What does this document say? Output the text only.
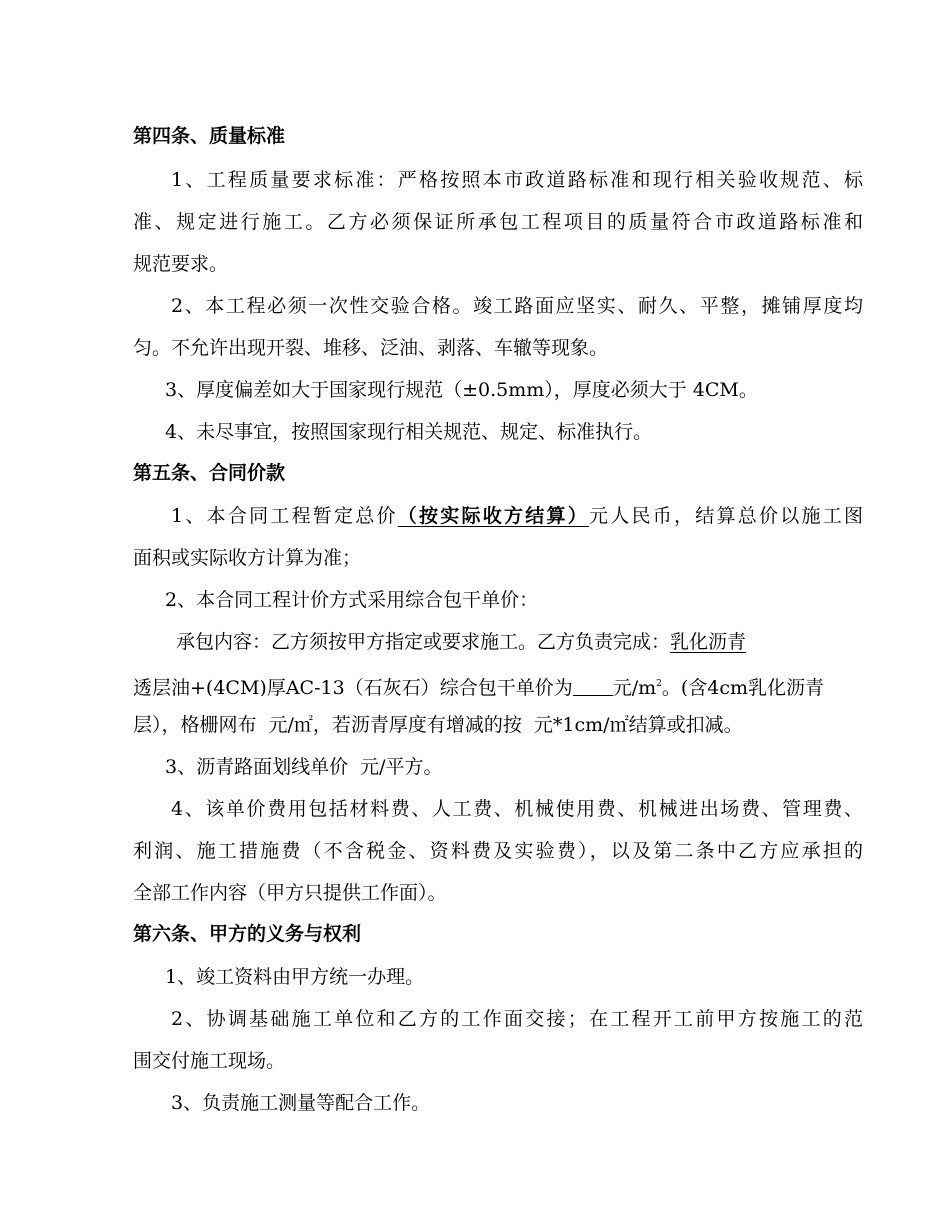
第四条、质量标准
1、工程质量要求标准：严格按照本市政道路标准和现行相关验收规范、标
准、规定进行施工。乙方必须保证所承包工程项目的质量符合市政道路标准和
规范要求。
2、本工程必须一次性交验合格。竣工路面应坚实、耐久、平整，摊铺厚度均
匀。不允许出现开裂、堆移、泛油、剥落、车辙等现象。
3、厚度偏差如大于国家现行规范（±0.5mm），厚度必须大于 4CM。
4、未尽事宜，按照国家现行相关规范、规定、标准执行。
第五条、合同价款
1、本合同工程暂定总价（按实际收方结算）元人民币，结算总价以施工图
面积或实际收方计算为准；
2、本合同工程计价方式采用综合包干单价：
承包内容：乙方须按甲方指定或要求施工。乙方负责完成：乳化沥青
透层油+(4CM)厚AC-13（石灰石）综合包干单价为 元$/m^2$。(含4cm乳化沥青
层），格栅网布 元/㎡，若沥青厚度有增减的按 元*1cm/㎡结算或扣减。
3、沥青路面划线单价 元/平方。
4、该单价费用包括材料费、人工费、机械使用费、机械进出场费、管理费、
利润、施工措施费（不含税金、资料费及实验费），以及第二条中乙方应承担的
全部工作内容（甲方只提供工作面）。
第六条、甲方的义务与权利
1、竣工资料由甲方统一办理。
2、协调基础施工单位和乙方的工作面交接；在工程开工前甲方按施工的范
围交付施工现场。
3、负责施工测量等配合工作。
